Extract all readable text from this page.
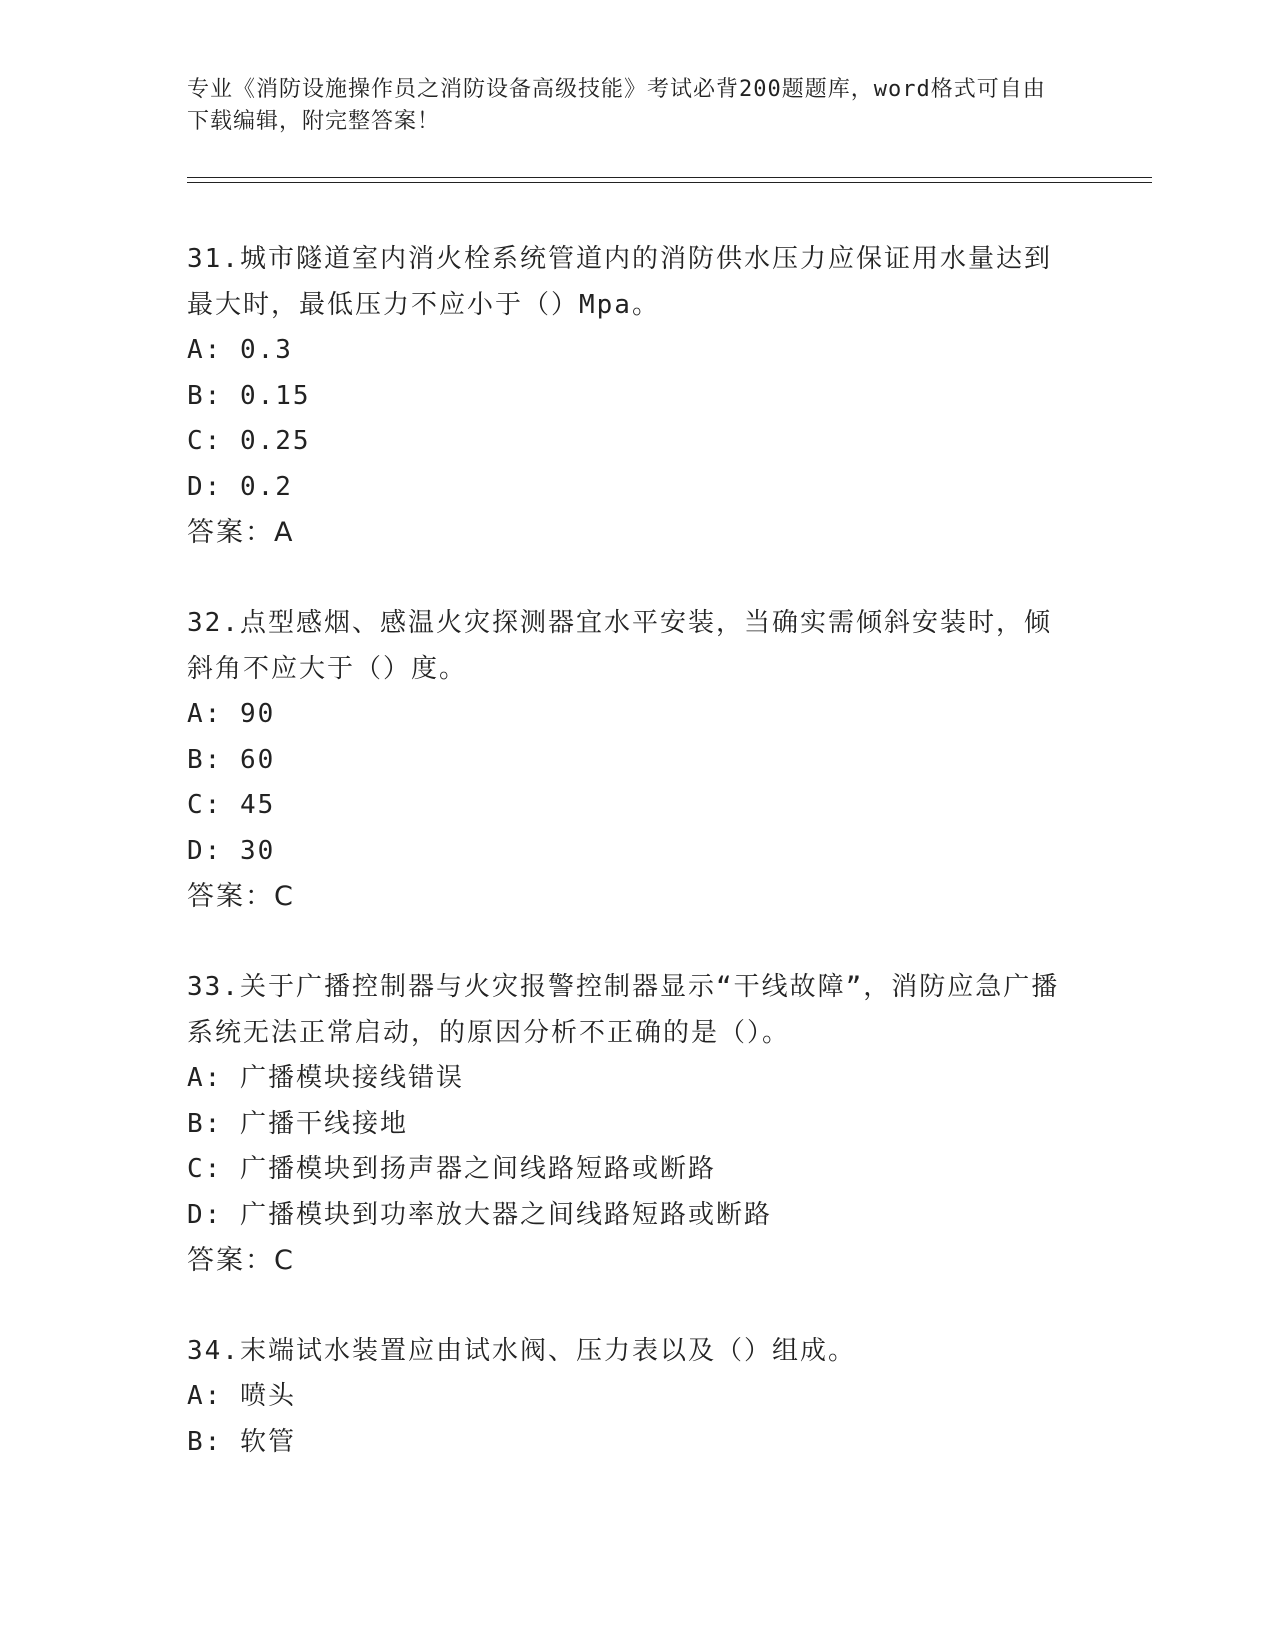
专业《消防设施操作员之消防设备高级技能》考试必背200题题库，word格式可自由下载编辑，附完整答案！
31.城市隧道室内消火栓系统管道内的消防供水压力应保证用水量达到最大时，最低压力不应小于（）Mpa。
A: 0.3
B: 0.15
C: 0.25
D: 0.2
答案：A
32.点型感烟、感温火灾探测器宜水平安装，当确实需倾斜安装时，倾斜角不应大于（）度。
A: 90
B: 60
C: 45
D: 30
答案：C
33.关于广播控制器与火灾报警控制器显示“干线故障”，消防应急广播系统无法正常启动，的原因分析不正确的是（）。
A: 广播模块接线错误
B: 广播干线接地
C: 广播模块到扬声器之间线路短路或断路
D: 广播模块到功率放大器之间线路短路或断路
答案：C
34.末端试水装置应由试水阀、压力表以及（）组成。
A: 喷头
B: 软管
